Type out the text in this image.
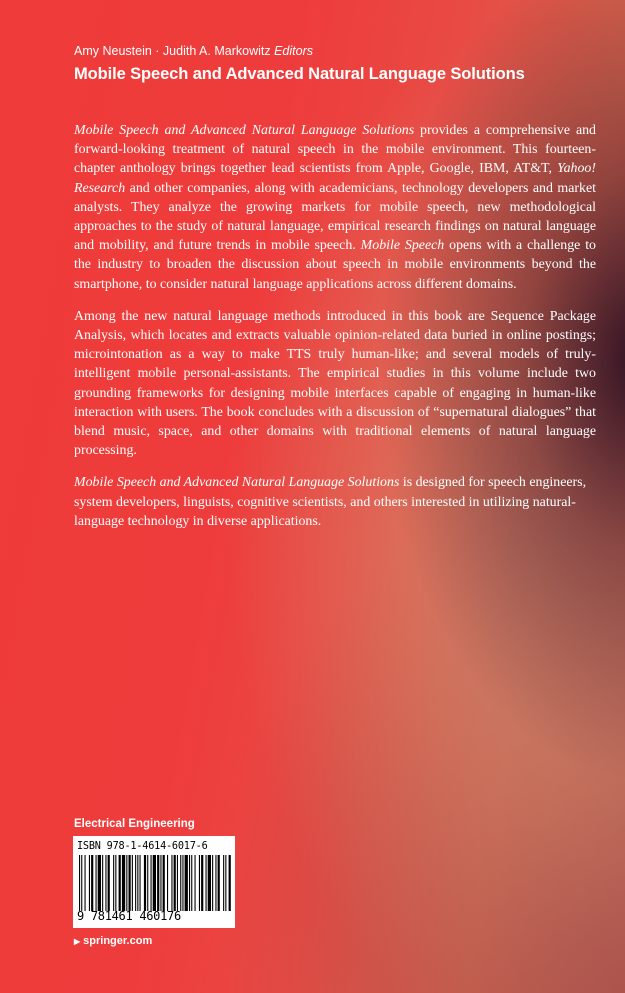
Amy Neustein · Judith A. Markowitz Editors
Mobile Speech and Advanced Natural Language Solutions

Mobile Speech and Advanced Natural Language Solutions provides a comprehensive and forward-looking treatment of natural speech in the mobile environment. This fourteen-chapter anthology brings together lead scientists from Apple, Google, IBM, AT&T, Yahoo! Research and other companies, along with academicians, technology developers and market analysts. They analyze the growing markets for mobile speech, new methodological approaches to the study of natural language, empirical research findings on natural language and mobility, and future trends in mobile speech. Mobile Speech opens with a challenge to the industry to broaden the discussion about speech in mobile environments beyond the smartphone, to consider natural language applications across different domains.

Among the new natural language methods introduced in this book are Sequence Package Analysis, which locates and extracts valuable opinion-related data buried in online postings; microintonation as a way to make TTS truly human-like; and several models of truly-intelligent mobile personal-assistants. The empirical studies in this volume include two grounding frameworks for designing mobile interfaces capable of engaging in human-like interaction with users. The book concludes with a discussion of “supernatural dialogues” that blend music, space, and other domains with traditional elements of natural language processing.

Mobile Speech and Advanced Natural Language Solutions is designed for speech engineers, system developers, linguists, cognitive scientists, and others interested in utilizing natural-language technology in diverse applications.

Electrical Engineering
ISBN 978-1-4614-6017-6
9 781461 460176
▶ springer.com
